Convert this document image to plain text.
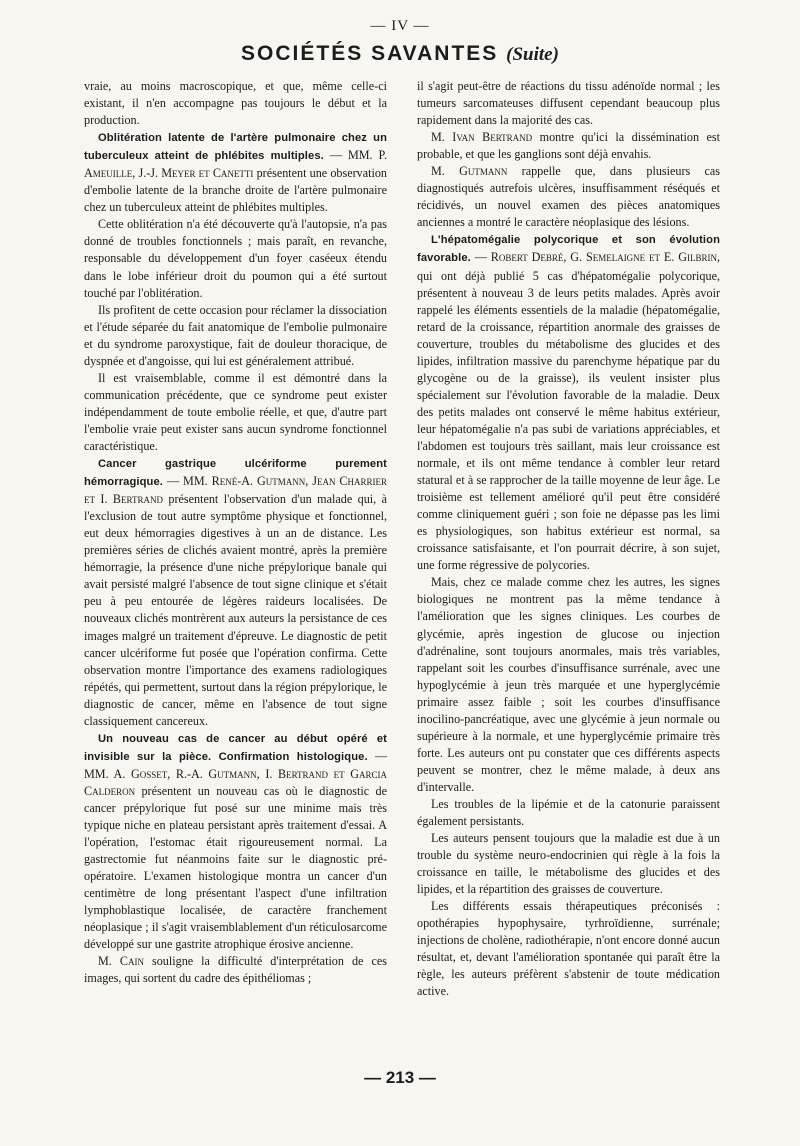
— IV —
SOCIÉTÉS SAVANTES (Suite)

vraie, au moins macroscopique, et que, même celle-ci existant, il n'en accompagne pas toujours le début et la production.

Oblitération latente de l'artère pulmonaire chez un tuberculeux atteint de phlébites multiples. — MM. P. Ameuille, J.-J. Meyer et Canetti présentent une observation d'embolie latente de la branche droite de l'artère pulmonaire chez un tuberculeux atteint de phlébites multiples.

Cette oblitération n'a été découverte qu'à l'autopsie, n'a pas donné de troubles fonctionnels ; mais paraît, en revanche, responsable du développement d'un foyer caséeux étendu dans le lobe inférieur droit du poumon qui a été surtout touché par l'oblitération.

Ils profitent de cette occasion pour réclamer la dissociation et l'étude séparée du fait anatomique de l'embolie pulmonaire et du syndrome paroxystique, fait de douleur thoracique, de dyspnée et d'angoisse, qui lui est généralement attribué.

Il est vraisemblable, comme il est démontré dans la communication précédente, que ce syndrome peut exister indépendamment de toute embolie réelle, et que, d'autre part l'embolie vraie peut exister sans aucun syndrome fonctionnel caractéristique.

Cancer gastrique ulcériforme purement hémorragique. — MM. René-A. Gutmann, Jean Charrier et I. Bertrand présentent l'observation d'un malade qui, à l'exclusion de tout autre symptôme physique et fonctionnel, eut deux hémorragies digestives à un an de distance. Les premières séries de clichés avaient montré, après la première hémorragie, la présence d'une niche prépylorique banale qui avait persisté malgré l'absence de tout signe clinique et s'était peu à peu entourée de légères raideurs localisées. De nouveaux clichés montrèrent aux auteurs la persistance de ces images malgré un traitement d'épreuve. Le diagnostic de petit cancer ulcériforme fut posée que l'opération confirma. Cette observation montre l'importance des examens radiologiques répétés, qui permettent, surtout dans la région prépylorique, le diagnostic de cancer, même en l'absence de tout signe classiquement cancereux.

Un nouveau cas de cancer au début opéré et invisible sur la pièce. Confirmation histologique. — MM. A. Gosset, R.-A. Gutmann, I. Bertrand et Garcia Calderon présentent un nouveau cas où le diagnostic de cancer prépylorique fut posé sur une minime mais très typique niche en plateau persistant après traitement d'essai. A l'opération, l'estomac était rigoureusement normal. La gastrectomie fut néanmoins faite sur le diagnostic pré-opératoire. L'examen histologique montra un cancer d'un centimètre de long présentant l'aspect d'une infiltration lymphoblastique localisée, de caractère franchement néoplasique ; il s'agit vraisemblablement d'un réticulosarcome développé sur une gastrite atrophique érosive ancienne.

M. Cain souligne la difficulté d'interprétation de ces images, qui sortent du cadre des épithéliomas ;

il s'agit peut-être de réactions du tissu adénoïde normal ; les tumeurs sarcomateuses diffusent cependant beaucoup plus rapidement dans la majorité des cas.

M. Ivan Bertrand montre qu'ici la dissémination est probable, et que les ganglions sont déjà envahis.

M. Gutmann rappelle que, dans plusieurs cas diagnostiqués autrefois ulcères, insuffisamment réséqués et récidivés, un nouvel examen des pièces anatomiques anciennes a montré le caractère néoplasique des lésions.

L'hépatomégalie polycorique et son évolution favorable. — Robert Debré, G. Semelaigne et E. Gilbrin, qui ont déjà publié 5 cas d'hépatomégalie polycorique, présentent à nouveau 3 de leurs petits malades. Après avoir rappelé les éléments essentiels de la maladie (hépatomégalie, retard de la croissance, répartition anormale des graisses de couverture, troubles du métabolisme des glucides et des lipides, infiltration massive du parenchyme hépatique par du glycogène ou de la graisse), ils veulent insister plus spécialement sur l'évolution favorable de la maladie. Deux des petits malades ont conservé le même habitus extérieur, leur hépatomégalie n'a pas subi de variations appréciables, et l'abdomen est toujours très saillant, mais leur croissance est normale, et ils ont même tendance à combler leur retard statural et à se rapprocher de la taille moyenne de leur âge. Le troisième est tellement amélioré qu'il peut être considéré comme cliniquement guéri ; son foie ne dépasse pas les limi es physiologiques, son habitus extérieur est normal, sa croissance satisfaisante, et l'on pourrait décrire, à son sujet, une forme régressive de polycories.

Mais, chez ce malade comme chez les autres, les signes biologiques ne montrent pas la même tendance à l'amélioration que les signes cliniques. Les courbes de glycémie, après ingestion de glucose ou injection d'adrénaline, sont toujours anormales, mais très variables, rappelant soit les courbes d'insuffisance surrénale, avec une hypoglycémie à jeun très marquée et une hyperglycémie primaire assez faible ; soit les courbes d'insuffisance inocilino-pancréatique, avec une glycémie à jeun normale ou supérieure à la normale, et une hyperglycémie primaire très forte. Les auteurs ont pu constater que ces différents aspects peuvent se montrer, chez le même malade, à deux ans d'intervalle.

Les troubles de la lipémie et de la catonurie paraissent également persistants.

Les auteurs pensent toujours que la maladie est due à un trouble du système neuro-endocrinien qui règle à la fois la croissance en taille, le métabolisme des glucides et des lipides, et la répartition des graisses de couverture.

Les différents essais thérapeutiques préconisés : opothérapies hypophysaire, tyrhroïdienne, surrénale; injections de cholène, radiothérapie, n'ont encore donné aucun résultat, et, devant l'amélioration spontanée qui paraît être la règle, les auteurs préfèrent s'abstenir de toute médication active.

— 213 —
